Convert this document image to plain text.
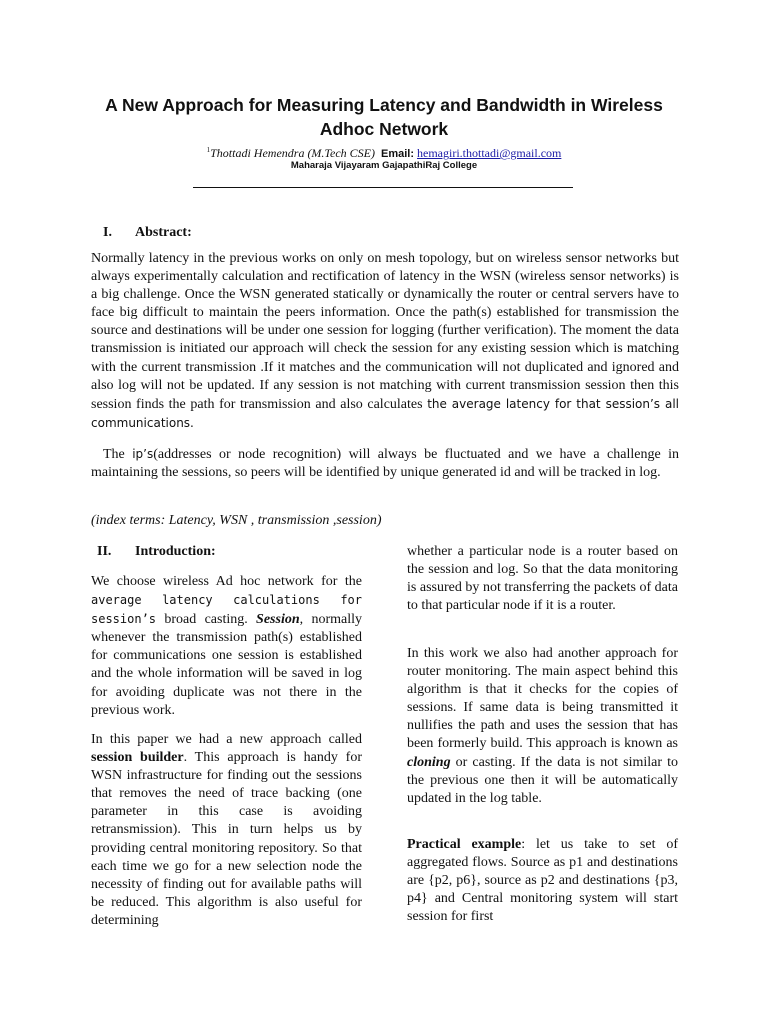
A New Approach for Measuring Latency and Bandwidth in Wireless Adhoc Network
$^1$Thottadi Hemendra (M.Tech CSE) Email: hemagiri.thottadi@gmail.com
Maharaja Vijayaram GajapathiRaj College
I. Abstract:
Normally latency in the previous works on only on mesh topology, but on wireless sensor networks but always experimentally calculation and rectification of latency in the WSN (wireless sensor networks) is a big challenge. Once the WSN generated statically or dynamically the router or central servers have to face big difficult to maintain the peers information. Once the path(s) established for transmission the source and destinations will be under one session for logging (further verification). The moment the data transmission is initiated our approach will check the session for any existing session which is matching with the current transmission .If it matches and the communication will not duplicated and ignored and also log will not be updated. If any session is not matching with current transmission session then this session finds the path for transmission and also calculates the average latency for that session’s all communications.
The ip’s(addresses or node recognition) will always be fluctuated and we have a challenge in maintaining the sessions, so peers will be identified by unique generated id and will be tracked in log.
(index terms: Latency, WSN , transmission ,session)
II. Introduction:
We choose wireless Ad hoc network for the average latency calculations for session’s broad casting. Session, normally whenever the transmission path(s) established for communications one session is established and the whole information will be saved in log for avoiding duplicate was not there in the previous work.
In this paper we had a new approach called session builder. This approach is handy for WSN infrastructure for finding out the sessions that removes the need of trace backing (one parameter in this case is avoiding retransmission). This in turn helps us by providing central monitoring repository. So that each time we go for a new selection node the necessity of finding out for available paths will be reduced. This algorithm is also useful for determining
whether a particular node is a router based on the session and log. So that the data monitoring is assured by not transferring the packets of data to that particular node if it is a router.
In this work we also had another approach for router monitoring. The main aspect behind this algorithm is that it checks for the copies of sessions. If same data is being transmitted it nullifies the path and uses the session that has been formerly build. This approach is known as cloning or casting. If the data is not similar to the previous one then it will be automatically updated in the log table.
Practical example: let us take to set of aggregated flows. Source as p1 and destinations are {p2, p6}, source as p2 and destinations {p3, p4} and Central monitoring system will start session for first
